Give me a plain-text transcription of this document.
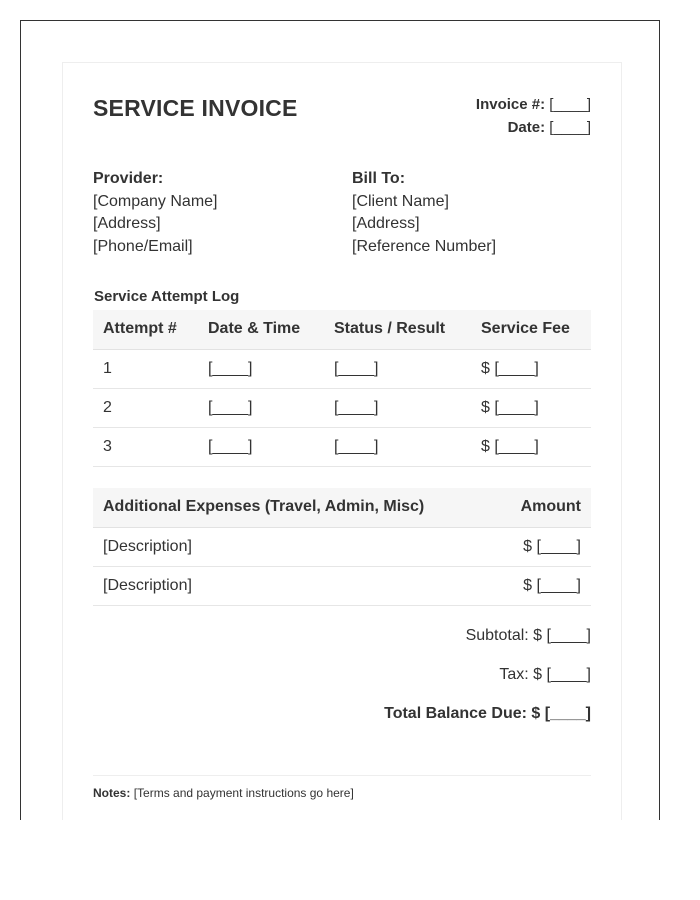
SERVICE INVOICE	Invoice #: [____]
Date: [____]
Provider:
[Company Name]
[Address]
[Phone/Email]
Bill To:
[Client Name]
[Address]
[Reference Number]
Service Attempt Log
Attempt #	Date & Time	Status / Result	Service Fee
1	[____]	[____]	$ [____]
2	[____]	[____]	$ [____]
3	[____]	[____]	$ [____]
Additional Expenses (Travel, Admin, Misc)	Amount
[Description]	$ [____]
[Description]	$ [____]
Subtotal: $ [____]
Tax: $ [____]
Total Balance Due: $ [____]
Notes: [Terms and payment instructions go here]
